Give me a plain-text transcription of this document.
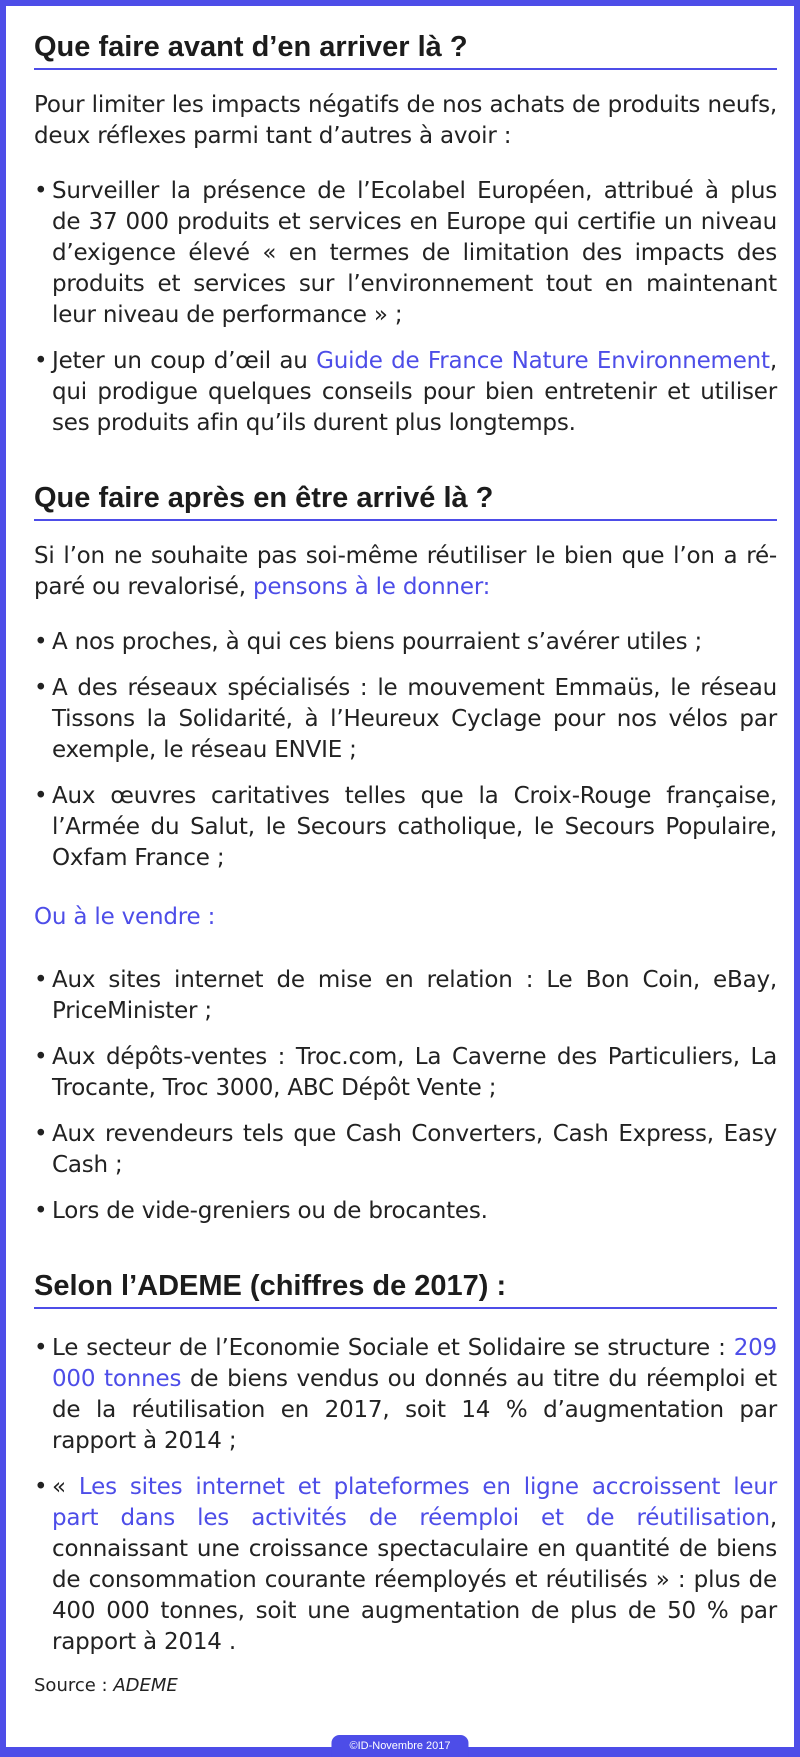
Que faire avant d’en arriver là ?

Pour limiter les impacts négatifs de nos achats de produits neufs, deux réflexes parmi tant d’autres à avoir :

• Surveiller la présence de l’Ecolabel Européen, attribué à plus de 37 000 produits et services en Europe qui certifie un niveau d’exigence élevé « en termes de limitation des impacts des produits et services sur l’environnement tout en maintenant leur niveau de performance » ;
• Jeter un coup d’œil au Guide de France Nature Environnement, qui prodigue quelques conseils pour bien entretenir et utiliser ses produits afin qu’ils durent plus longtemps.
Que faire après en être arrivé là ?

Si l’on ne souhaite pas soi-même réutiliser le bien que l’on a ré-paré ou revalorisé, pensons à le donner:

• A nos proches, à qui ces biens pourraient s’avérer utiles ;
• A des réseaux spécialisés : le mouvement Emmaüs, le réseau Tissons la Solidarité, à l’Heureux Cyclage pour nos vélos par exemple, le réseau ENVIE ;
• Aux œuvres caritatives telles que la Croix-Rouge française, l’Armée du Salut, le Secours catholique, le Secours Populaire, Oxfam France ;

Ou à le vendre :

• Aux sites internet de mise en relation : Le Bon Coin, eBay, PriceMinister ;
• Aux dépôts-ventes : Troc.com, La Caverne des Particuliers, La Trocante, Troc 3000, ABC Dépôt Vente ;
• Aux revendeurs tels que Cash Converters, Cash Express, Easy Cash ;
• Lors de vide-greniers ou de brocantes.
Selon l’ADEME (chiffres de 2017) :
• Le secteur de l’Economie Sociale et Solidaire se structure : 209 000 tonnes de biens vendus ou donnés au titre du réemploi et de la réutilisation en 2017, soit 14 % d’augmentation par rapport à 2014 ;
• « Les sites internet et plateformes en ligne accroissent leur part dans les activités de réemploi et de réutilisation, connaissant une croissance spectaculaire en quantité de biens de consommation courante réemployés et réutilisés » : plus de 400 000 tonnes, soit une augmentation de plus de 50 % par rapport à 2014 .
Source : ADEME
©ID-Novembre 2017
